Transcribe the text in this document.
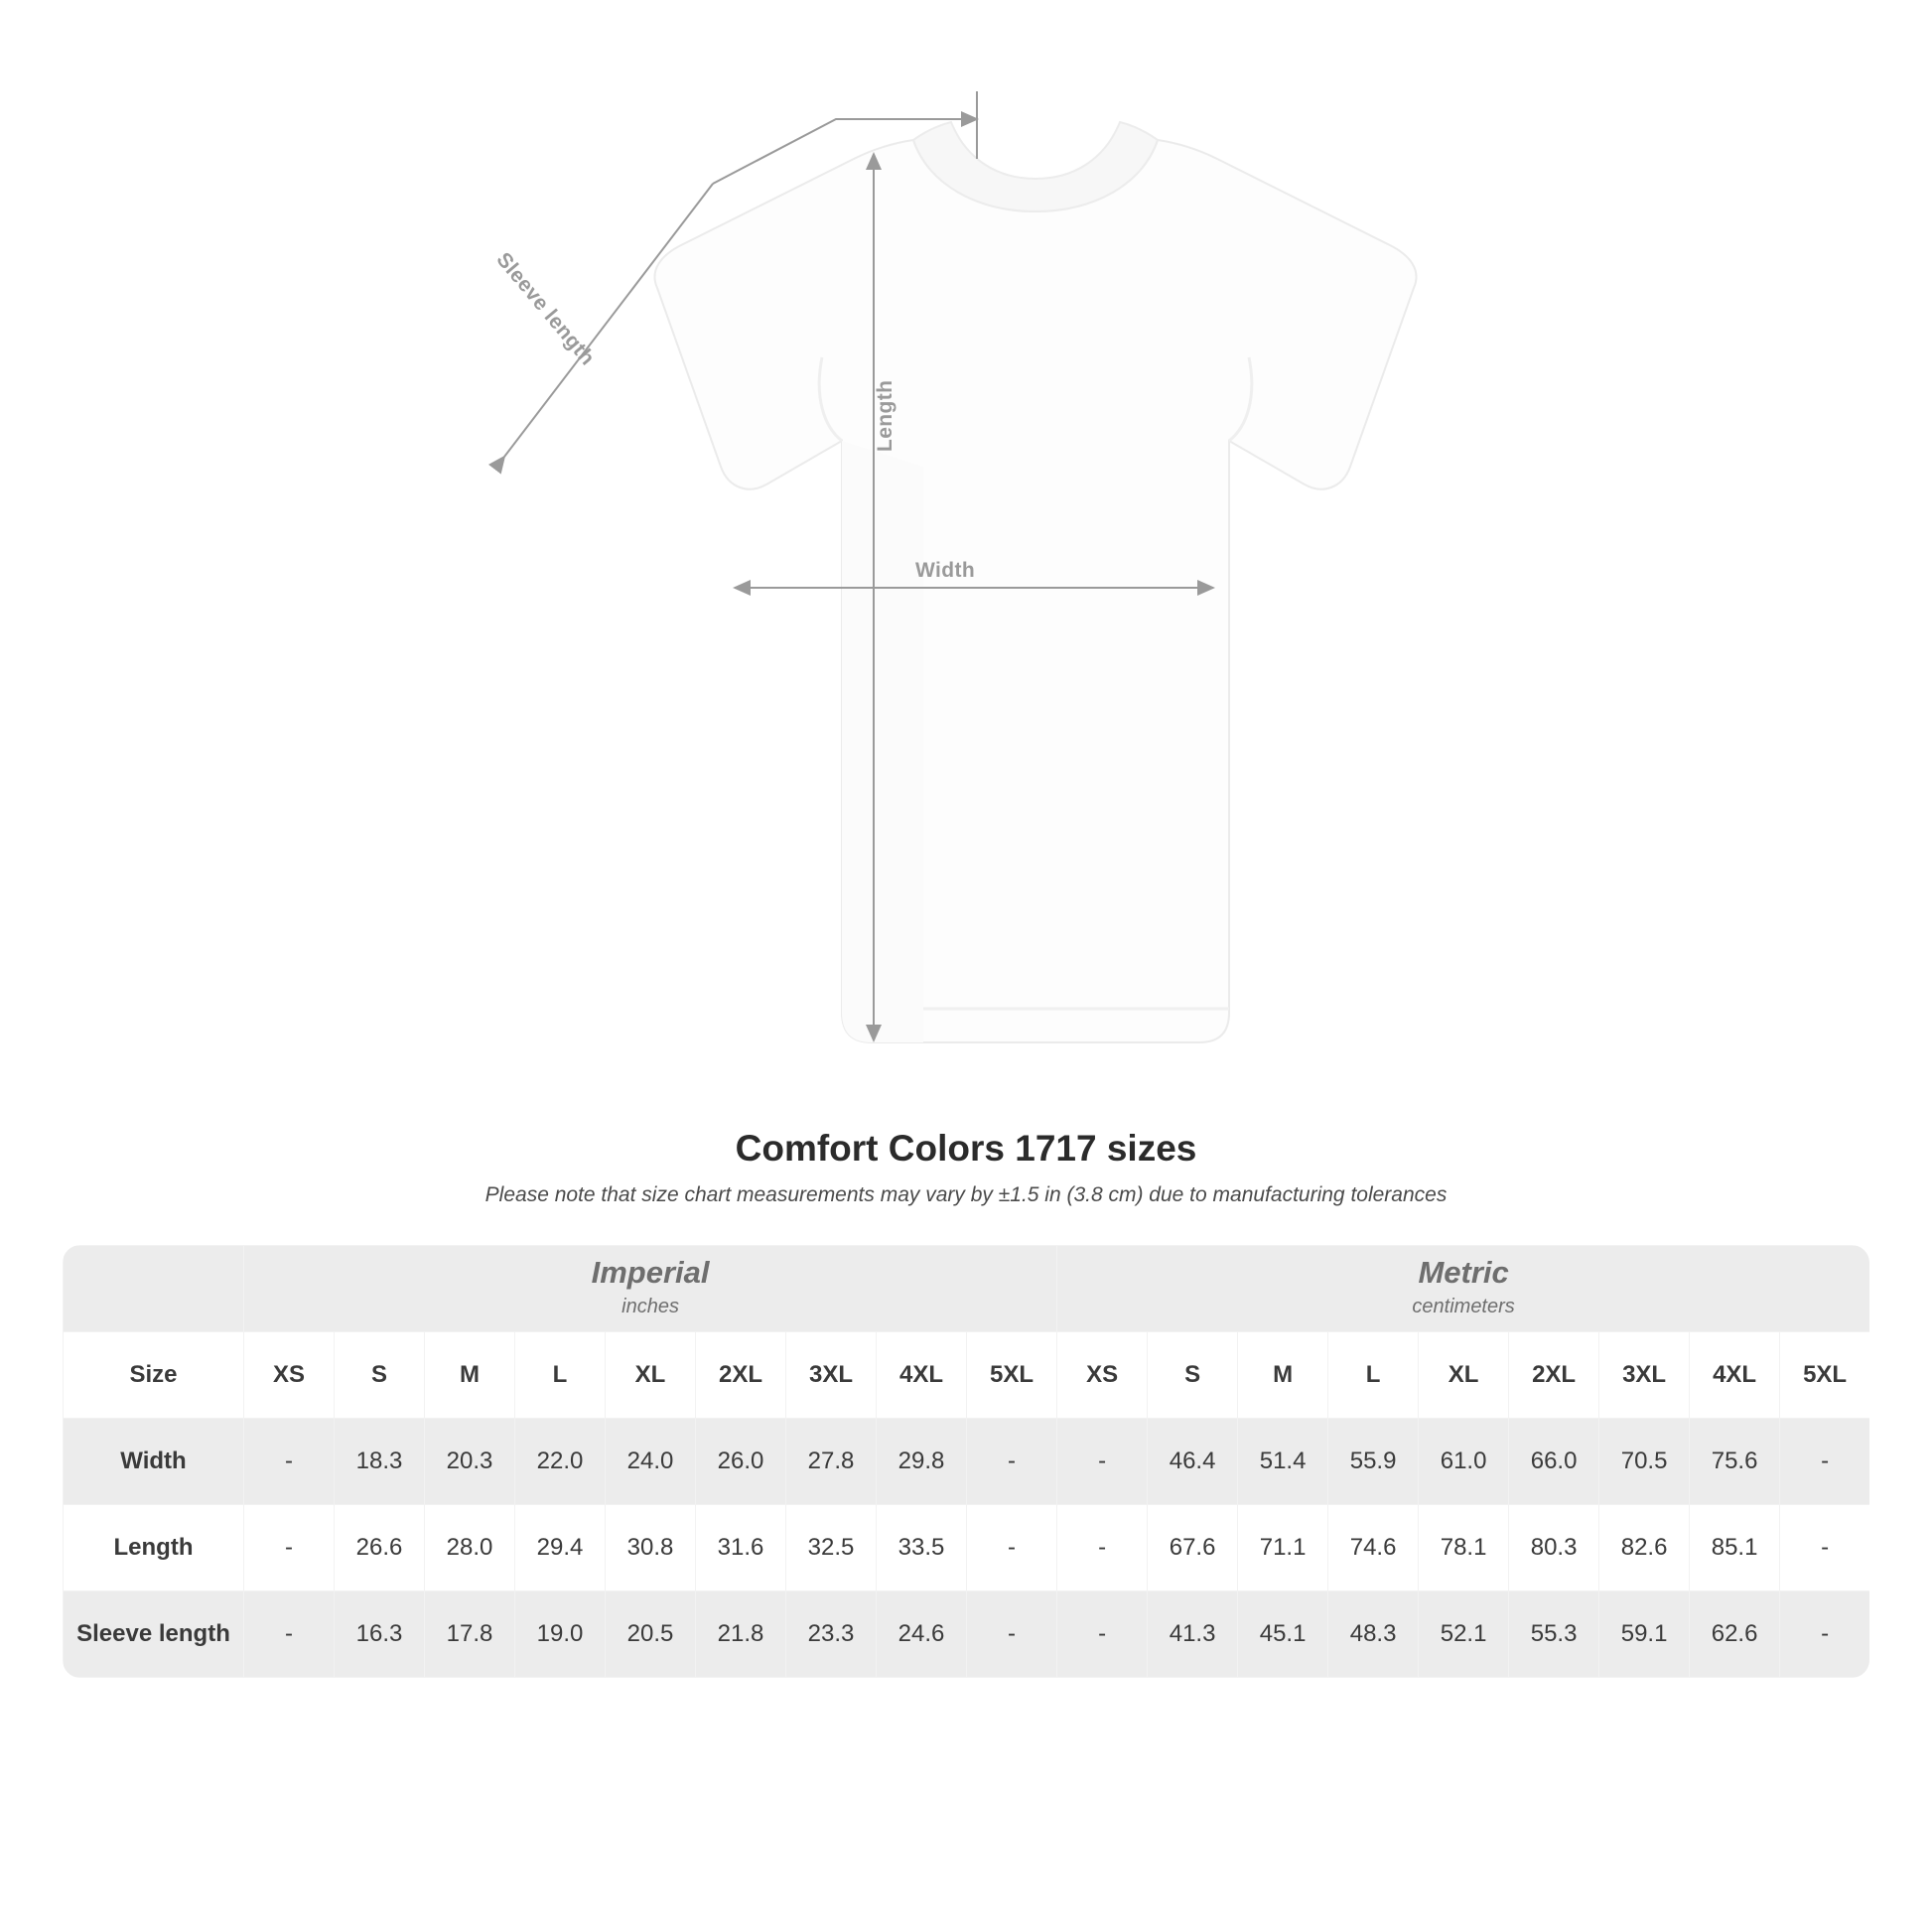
Width
Length
Sleeve length
Comfort Colors 1717 sizes

Please note that size chart measurements may vary by ±1.5 in (3.8 cm) due to manufacturing tolerances

Imperial
inches

Metric
centimeters

Size	XS	S	M	L	XL	2XL	3XL	4XL	5XL	XS	S	M	L	XL	2XL	3XL	4XL	5XL
Width	-	18.3	20.3	22.0	24.0	26.0	27.8	29.8	-	-	46.4	51.4	55.9	61.0	66.0	70.5	75.6	-
Length	-	26.6	28.0	29.4	30.8	31.6	32.5	33.5	-	-	67.6	71.1	74.6	78.1	80.3	82.6	85.1	-
Sleeve length	-	16.3	17.8	19.0	20.5	21.8	23.3	24.6	-	-	41.3	45.1	48.3	52.1	55.3	59.1	62.6	-
